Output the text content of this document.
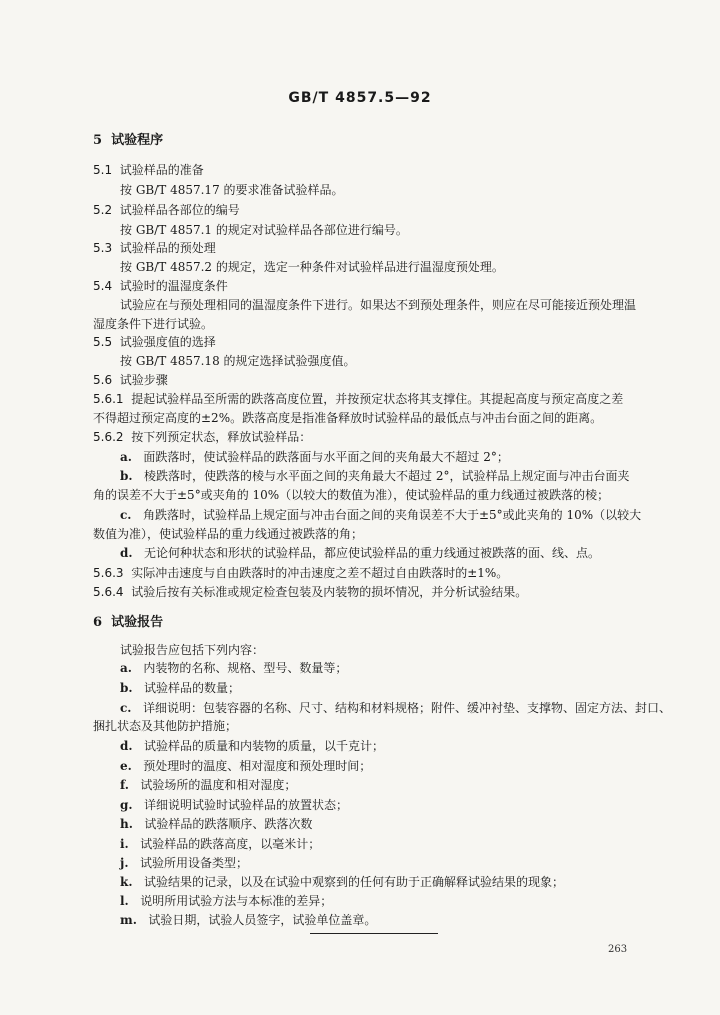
GB/T 4857.5—92
5 试验程序
5.1 试验样品的准备
按 GB/T 4857.17 的要求准备试验样品。
5.2 试验样品各部位的编号
按 GB/T 4857.1 的规定对试验样品各部位进行编号。
5.3 试验样品的预处理
按 GB/T 4857.2 的规定，选定一种条件对试验样品进行温湿度预处理。
5.4 试验时的温湿度条件
试验应在与预处理相同的温湿度条件下进行。如果达不到预处理条件，则应在尽可能接近预处理温
湿度条件下进行试验。
5.5 试验强度值的选择
按 GB/T 4857.18 的规定选择试验强度值。
5.6 试验步骤
5.6.1 提起试验样品至所需的跌落高度位置，并按预定状态将其支撑住。其提起高度与预定高度之差
不得超过预定高度的±2%。跌落高度是指准备释放时试验样品的最低点与冲击台面之间的距离。
5.6.2 按下列预定状态，释放试验样品：
a. 面跌落时，使试验样品的跌落面与水平面之间的夹角最大不超过 2°；
b. 棱跌落时，使跌落的棱与水平面之间的夹角最大不超过 2°，试验样品上规定面与冲击台面夹
角的误差不大于±5°或夹角的 10%（以较大的数值为准），使试验样品的重力线通过被跌落的棱；
c. 角跌落时，试验样品上规定面与冲击台面之间的夹角误差不大于±5°或此夹角的 10%（以较大
数值为准），使试验样品的重力线通过被跌落的角；
d. 无论何种状态和形状的试验样品，都应使试验样品的重力线通过被跌落的面、线、点。
5.6.3 实际冲击速度与自由跌落时的冲击速度之差不超过自由跌落时的±1%。
5.6.4 试验后按有关标准或规定检查包装及内装物的损坏情况，并分析试验结果。
6 试验报告
试验报告应包括下列内容：
a. 内装物的名称、规格、型号、数量等；
b. 试验样品的数量；
c. 详细说明：包装容器的名称、尺寸、结构和材料规格；附件、缓冲衬垫、支撑物、固定方法、封口、
捆扎状态及其他防护措施；
d. 试验样品的质量和内装物的质量，以千克计；
e. 预处理时的温度、相对湿度和预处理时间；
f. 试验场所的温度和相对湿度；
g. 详细说明试验时试验样品的放置状态；
h. 试验样品的跌落顺序、跌落次数
i. 试验样品的跌落高度，以毫米计；
j. 试验所用设备类型；
k. 试验结果的记录，以及在试验中观察到的任何有助于正确解释试验结果的现象；
l. 说明所用试验方法与本标准的差异；
m. 试验日期，试验人员签字，试验单位盖章。
263
